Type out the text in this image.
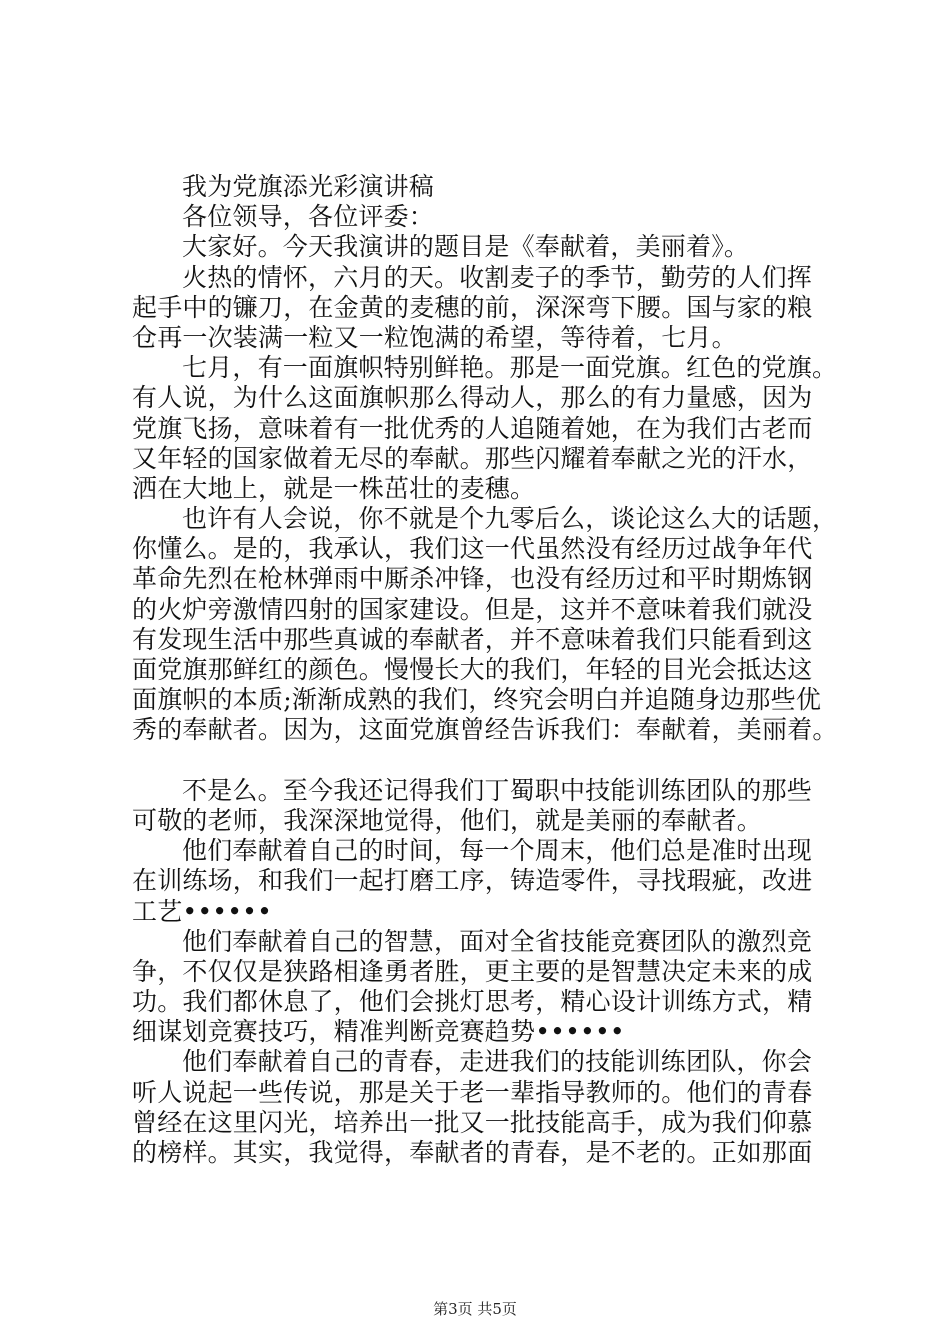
我为党旗添光彩演讲稿
各位领导，各位评委：
大家好。今天我演讲的题目是《奉献着，美丽着》。
火热的情怀，六月的天。收割麦子的季节，勤劳的人们挥
起手中的镰刀，在金黄的麦穗的前，深深弯下腰。国与家的粮
仓再一次装满一粒又一粒饱满的希望，等待着，七月。
七月，有一面旗帜特别鲜艳。那是一面党旗。红色的党旗。
有人说，为什么这面旗帜那么得动人，那么的有力量感，因为
党旗飞扬，意味着有一批优秀的人追随着她，在为我们古老而
又年轻的国家做着无尽的奉献。那些闪耀着奉献之光的汗水，
洒在大地上，就是一株茁壮的麦穗。
也许有人会说，你不就是个九零后么，谈论这么大的话题，
你懂么。是的，我承认，我们这一代虽然没有经历过战争年代
革命先烈在枪林弹雨中厮杀冲锋，也没有经历过和平时期炼钢
的火炉旁激情四射的国家建设。但是，这并不意味着我们就没
有发现生活中那些真诚的奉献者，并不意味着我们只能看到这
面党旗那鲜红的颜色。慢慢长大的我们，年轻的目光会抵达这
面旗帜的本质;渐渐成熟的我们，终究会明白并追随身边那些优
秀的奉献者。因为，这面党旗曾经告诉我们：奉献着，美丽着。
不是么。至今我还记得我们丁蜀职中技能训练团队的那些
可敬的老师，我深深地觉得，他们，就是美丽的奉献者。
他们奉献着自己的时间，每一个周末，他们总是准时出现
在训练场，和我们一起打磨工序，铸造零件，寻找瑕疵，改进
工艺••••••
他们奉献着自己的智慧，面对全省技能竞赛团队的激烈竞
争，不仅仅是狭路相逢勇者胜，更主要的是智慧决定未来的成
功。我们都休息了，他们会挑灯思考，精心设计训练方式，精
细谋划竞赛技巧，精准判断竞赛趋势••••••
他们奉献着自己的青春，走进我们的技能训练团队，你会
听人说起一些传说，那是关于老一辈指导教师的。他们的青春
曾经在这里闪光，培养出一批又一批技能高手，成为我们仰慕
的榜样。其实，我觉得，奉献者的青春，是不老的。正如那面
第3页 共5页
